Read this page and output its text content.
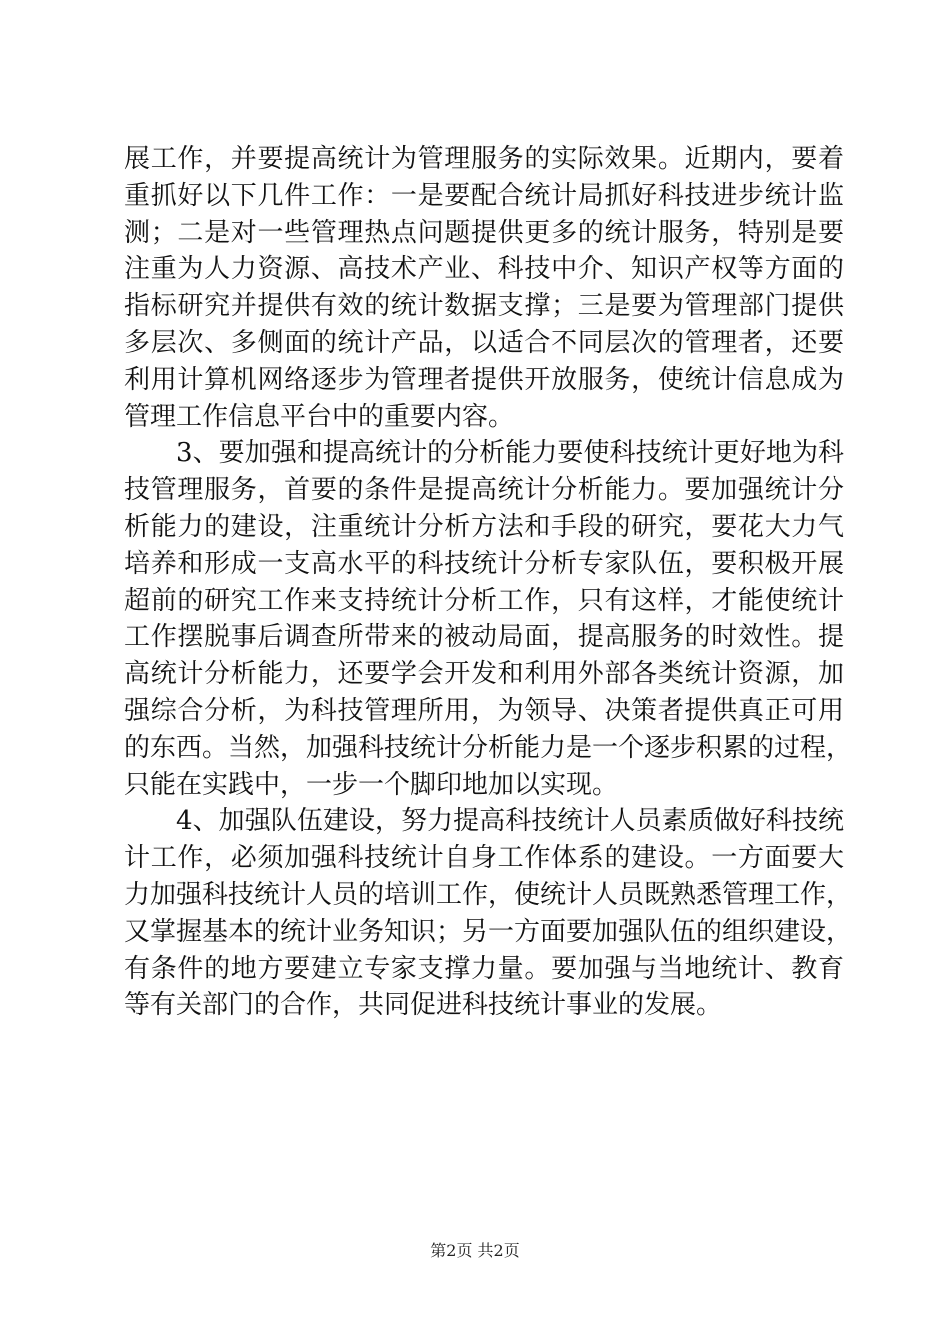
展工作，并要提高统计为管理服务的实际效果。近期内，要着
重抓好以下几件工作：一是要配合统计局抓好科技进步统计监
测；二是对一些管理热点问题提供更多的统计服务，特别是要
注重为人力资源、高技术产业、科技中介、知识产权等方面的
指标研究并提供有效的统计数据支撑；三是要为管理部门提供
多层次、多侧面的统计产品，以适合不同层次的管理者，还要
利用计算机网络逐步为管理者提供开放服务，使统计信息成为
管理工作信息平台中的重要内容。
3、要加强和提高统计的分析能力要使科技统计更好地为科
技管理服务，首要的条件是提高统计分析能力。要加强统计分
析能力的建设，注重统计分析方法和手段的研究，要花大力气
培养和形成一支高水平的科技统计分析专家队伍，要积极开展
超前的研究工作来支持统计分析工作，只有这样，才能使统计
工作摆脱事后调查所带来的被动局面，提高服务的时效性。提
高统计分析能力，还要学会开发和利用外部各类统计资源，加
强综合分析，为科技管理所用，为领导、决策者提供真正可用
的东西。当然，加强科技统计分析能力是一个逐步积累的过程，
只能在实践中，一步一个脚印地加以实现。
4、加强队伍建设，努力提高科技统计人员素质做好科技统
计工作，必须加强科技统计自身工作体系的建设。一方面要大
力加强科技统计人员的培训工作，使统计人员既熟悉管理工作，
又掌握基本的统计业务知识；另一方面要加强队伍的组织建设，
有条件的地方要建立专家支撑力量。要加强与当地统计、教育
等有关部门的合作，共同促进科技统计事业的发展。
第2页 共2页
